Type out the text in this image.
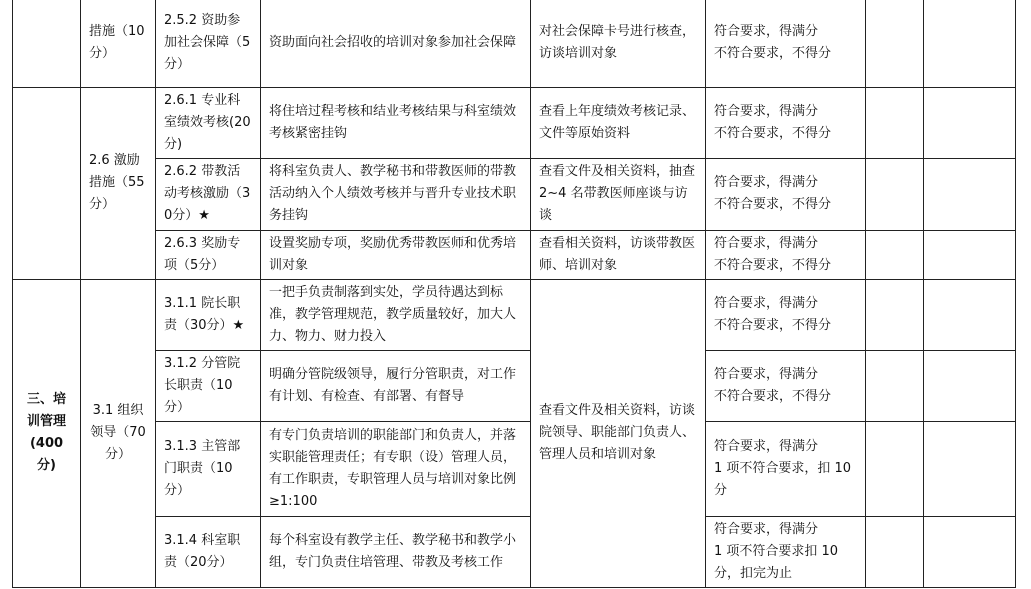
	措施（10分）	2.5.2 资助参加社会保障（5分）	资助面向社会招收的培训对象参加社会保障	对社会保障卡号进行核查，访谈培训对象	符合要求，得满分
不符合要求，不得分		
	2.6 激励措施（55分）	2.6.1 专业科室绩效考核(20分)	将住培过程考核和结业考核结果与科室绩效考核紧密挂钩	查看上年度绩效考核记录、文件等原始资料	符合要求，得满分
不符合要求，不得分		
		2.6.2 带教活动考核激励（30分）★	将科室负责人、教学秘书和带教医师的带教活动纳入个人绩效考核并与晋升专业技术职务挂钩	查看文件及相关资料，抽查 2~4 名带教医师座谈与访谈	符合要求，得满分
不符合要求，不得分		
		2.6.3 奖励专项（5分）	设置奖励专项，奖励优秀带教医师和优秀培训对象	查看相关资料，访谈带教医师、培训对象	符合要求，得满分
不符合要求，不得分		
三、培训管理(400分)	3.1 组织领导（70分）	3.1.1 院长职责（30分）★	一把手负责制落到实处，学员待遇达到标准，教学管理规范，教学质量较好，加大人力、物力、财力投入	查看文件及相关资料，访谈院领导、职能部门负责人、管理人员和培训对象	符合要求，得满分
不符合要求，不得分		
		3.1.2 分管院长职责（10分）	明确分管院级领导，履行分管职责，对工作有计划、有检查、有部署、有督导		符合要求，得满分
不符合要求，不得分		
		3.1.3 主管部门职责（10分）	有专门负责培训的职能部门和负责人，并落实职能管理责任；有专职（设）管理人员，有工作职责，专职管理人员与培训对象比例≥1:100		符合要求，得满分
1 项不符合要求，扣 10 分		
		3.1.4 科室职责（20分）	每个科室设有教学主任、教学秘书和教学小组，专门负责住培管理、带教及考核工作		符合要求，得满分
1 项不符合要求扣 10 分，扣完为止		
